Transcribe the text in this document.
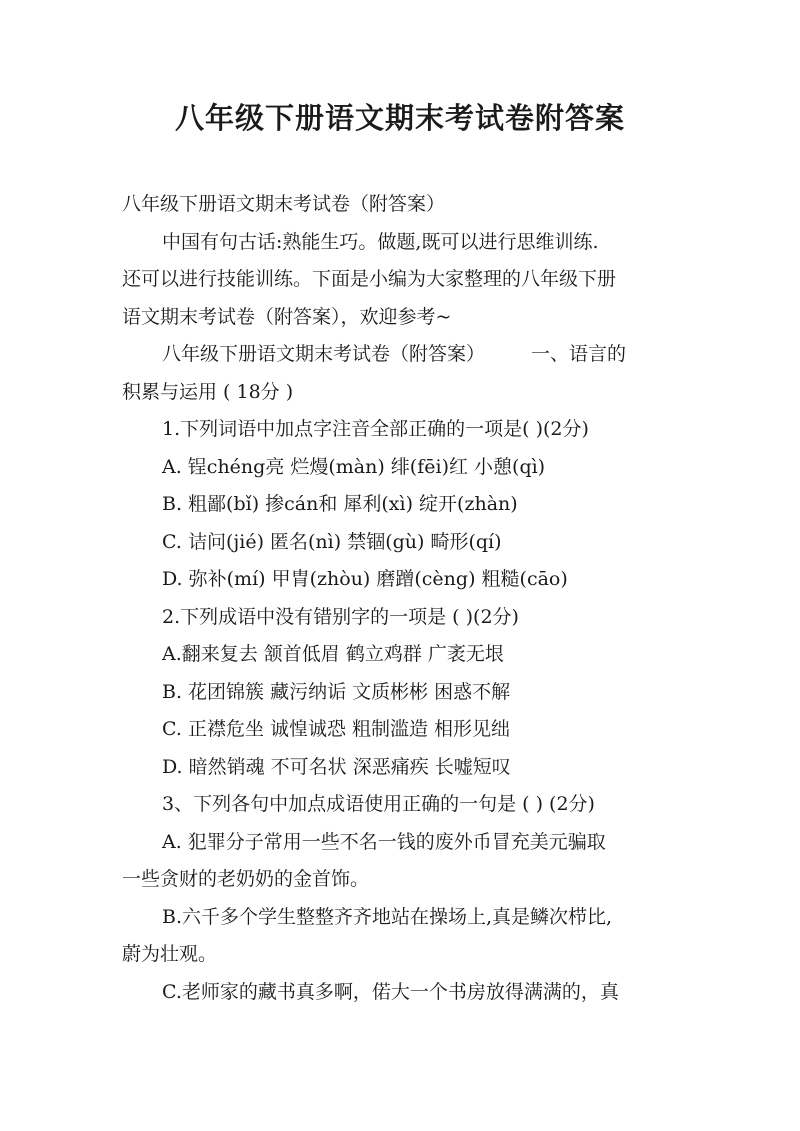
八年级下册语文期末考试卷附答案
八年级下册语文期末考试卷（附答案）
中国有句古话:熟能生巧。做题,既可以进行思维训练.
还可以进行技能训练。下面是小编为大家整理的八年级下册
语文期末考试卷（附答案），欢迎参考~
八年级下册语文期末考试卷（附答案） 一、语言的
积累与运用 ( 18分 )
1.下列词语中加点字注音全部正确的一项是( )(2分)
A. 锃chéng亮 烂熳(màn) 绯(fēi)红 小憩(qì)
B. 粗鄙(bǐ) 掺cán和 犀利(xì) 绽开(zhàn)
C. 诘问(jié) 匿名(nì) 禁锢(gù) 畸形(qí)
D. 弥补(mí) 甲胄(zhòu) 磨蹭(cèng) 粗糙(cāo)
2.下列成语中没有错别字的一项是 ( )(2分)
A.翻来复去 颔首低眉 鹤立鸡群 广袤无垠
B. 花团锦簇 藏污纳诟 文质彬彬 困惑不解
C. 正襟危坐 诚惶诚恐 粗制滥造 相形见绌
D. 暗然销魂 不可名状 深恶痛疾 长嘘短叹
3、下列各句中加点成语使用正确的一句是 ( ) (2分)
A. 犯罪分子常用一些不名一钱的废外币冒充美元骗取
一些贪财的老奶奶的金首饰。
B.六千多个学生整整齐齐地站在操场上,真是鳞次栉比,
蔚为壮观。
C.老师家的藏书真多啊，偌大一个书房放得满满的，真
